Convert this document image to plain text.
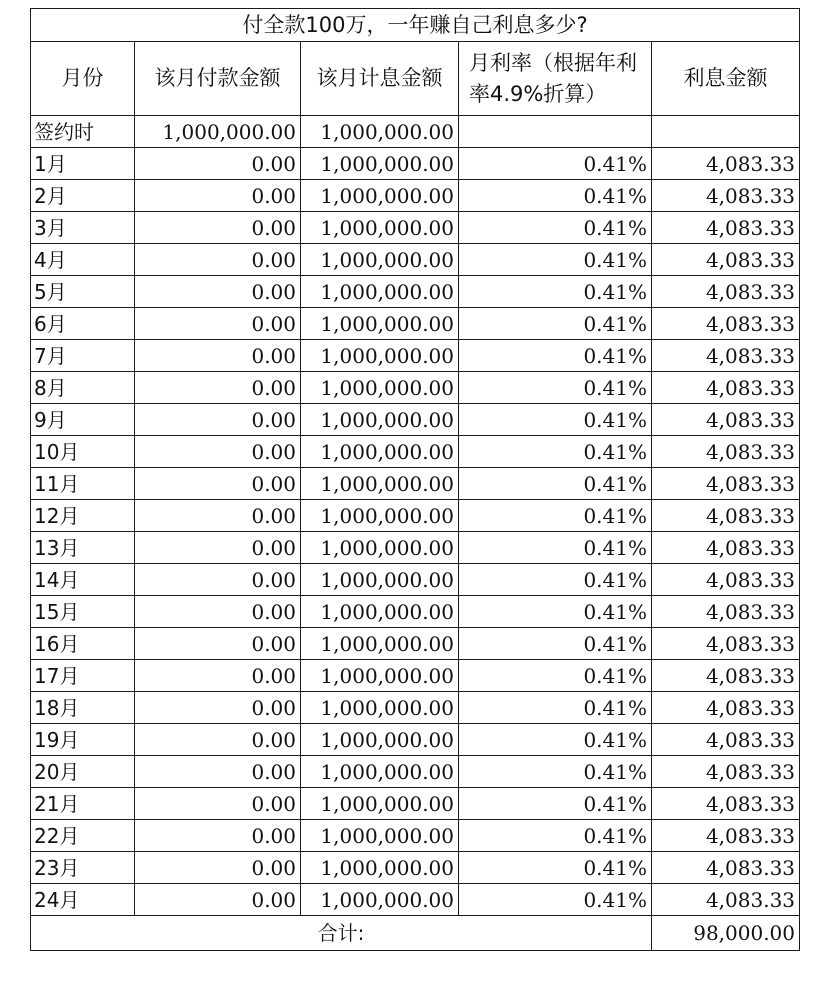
付全款100万，一年赚自己利息多少?				
月份	该月付款金额	该月计息金额	月利率（根据年利率4.9%折算）	利息金额
签约时	1,000,000.00	1,000,000.00		
1月	0.00	1,000,000.00	0.41%	4,083.33
2月	0.00	1,000,000.00	0.41%	4,083.33
3月	0.00	1,000,000.00	0.41%	4,083.33
4月	0.00	1,000,000.00	0.41%	4,083.33
5月	0.00	1,000,000.00	0.41%	4,083.33
6月	0.00	1,000,000.00	0.41%	4,083.33
7月	0.00	1,000,000.00	0.41%	4,083.33
8月	0.00	1,000,000.00	0.41%	4,083.33
9月	0.00	1,000,000.00	0.41%	4,083.33
10月	0.00	1,000,000.00	0.41%	4,083.33
11月	0.00	1,000,000.00	0.41%	4,083.33
12月	0.00	1,000,000.00	0.41%	4,083.33
13月	0.00	1,000,000.00	0.41%	4,083.33
14月	0.00	1,000,000.00	0.41%	4,083.33
15月	0.00	1,000,000.00	0.41%	4,083.33
16月	0.00	1,000,000.00	0.41%	4,083.33
17月	0.00	1,000,000.00	0.41%	4,083.33
18月	0.00	1,000,000.00	0.41%	4,083.33
19月	0.00	1,000,000.00	0.41%	4,083.33
20月	0.00	1,000,000.00	0.41%	4,083.33
21月	0.00	1,000,000.00	0.41%	4,083.33
22月	0.00	1,000,000.00	0.41%	4,083.33
23月	0.00	1,000,000.00	0.41%	4,083.33
24月	0.00	1,000,000.00	0.41%	4,083.33
合计:				98,000.00
